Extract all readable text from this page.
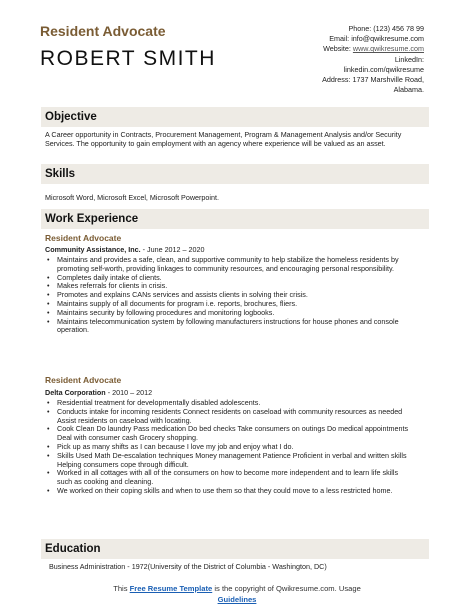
Resident Advocate
ROBERT SMITH
Phone: (123) 456 78 99
Email: info@qwikresume.com
Website: www.qwikresume.com
LinkedIn:
linkedin.com/qwikresume
Address: 1737 Marshville Road,
Alabama.
Objective
A Career opportunity in Contracts, Procurement Management, Program & Management Analysis and/or Security Services. The opportunity to gain employment with an agency where experience will be valued as an asset.
Skills
Microsoft Word, Microsoft Excel, Microsoft Powerpoint.
Work Experience
Resident Advocate
Community Assistance, Inc. - June 2012 – 2020
• Maintains and provides a safe, clean, and supportive community to help stabilize the homeless residents by promoting self-worth, providing linkages to community resources, and encouraging personal responsibility.
• Completes daily intake of clients.
• Makes referrals for clients in crisis.
• Promotes and explains CANs services and assists clients in solving their crisis.
• Maintains supply of all documents for program i.e. reports, brochures, fliers.
• Maintains security by following procedures and monitoring logbooks.
• Maintains telecommunication system by following manufacturers instructions for house phones and console operation.
Resident Advocate
Delta Corporation - 2010 – 2012
• Residential treatment for developmentally disabled adolescents.
• Conducts intake for incoming residents Connect residents on caseload with community resources as needed Assist residents on caseload with locating.
• Cook Clean Do laundry Pass medication Do bed checks Take consumers on outings Do medical appointments Deal with consumer cash Grocery shopping.
• Pick up as many shifts as I can because I love my job and enjoy what I do.
• Skills Used Math De-escalation techniques Money management Patience Proficient in verbal and written skills Helping consumers cope through difficult.
• Worked in all cottages with all of the consumers on how to become more independent and to learn life skills such as cooking and cleaning.
• We worked on their coping skills and when to use them so that they could move to a less restricted home.
Education
Business Administration - 1972(University of the District of Columbia - Washington, DC)
This Free Resume Template is the copyright of Qwikresume.com. Usage
Guidelines
